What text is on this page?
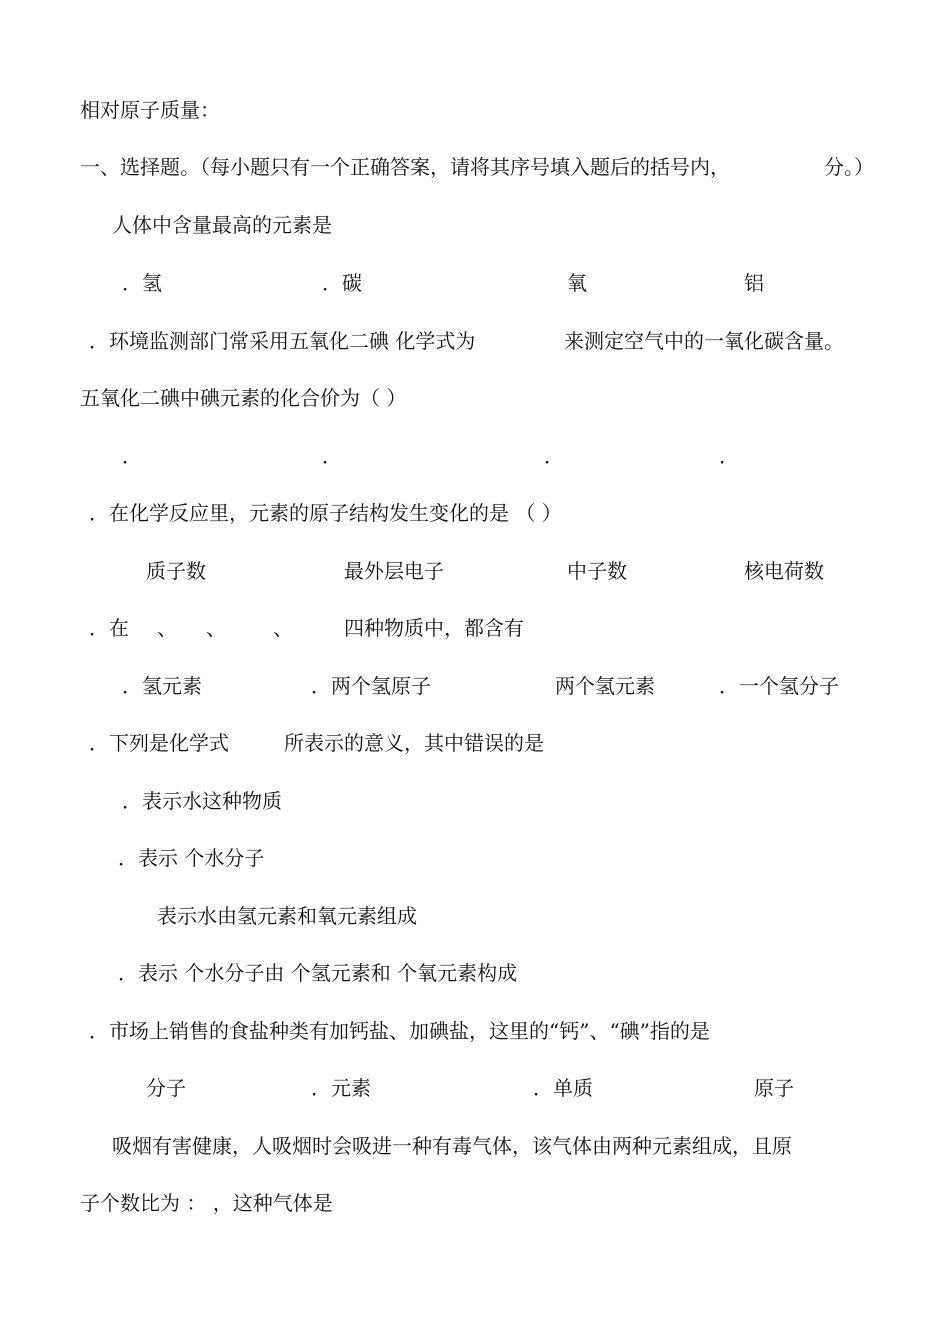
相对原子质量：
一、选择题。（每小题只有一个正确答案，请将其序号填入题后的括号内，	分。）
人体中含量最高的元素是
．氢	．碳	氧	铝
．环境监测部门常采用五氧化二碘 化学式为	来测定空气中的一氧化碳含量。
五氧化二碘中碘元素的化合价为（ ）
．	．	．	．
．在化学反应里，元素的原子结构发生变化的是 （ ）
质子数	最外层电子	中子数	核电荷数
．在 、 、 、	四种物质中，都含有
．氢元素	．两个氢原子	两个氢元素	．一个氢分子
．下列是化学式	所表示的意义，其中错误的是
．表示水这种物质
．表示 个水分子
表示水由氢元素和氧元素组成
．表示 个水分子由 个氢元素和 个氧元素构成
．市场上销售的食盐种类有加钙盐、加碘盐，这里的“钙”、“碘”指的是
分子	．元素	．单质	原子
吸烟有害健康，人吸烟时会吸进一种有毒气体，该气体由两种元素组成，且原
子个数比为 ： ，这种气体是
